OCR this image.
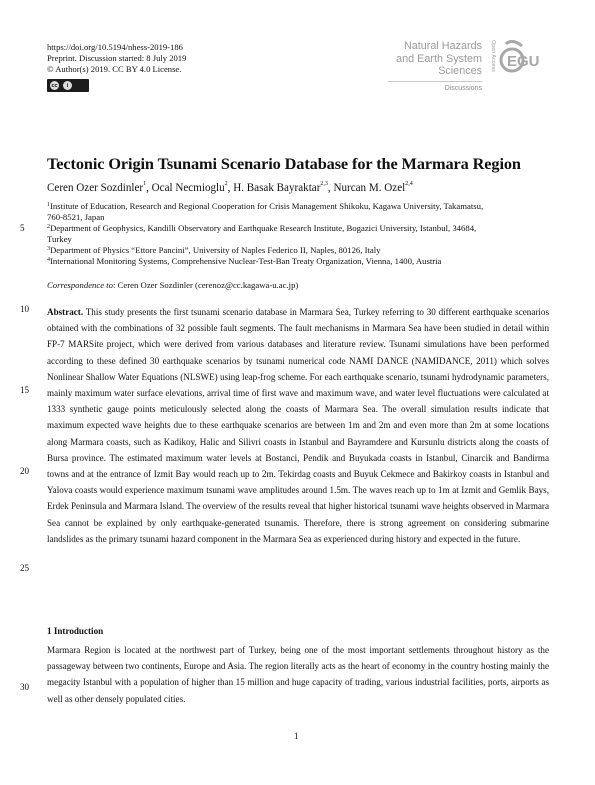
https://doi.org/10.5194/nhess-2019-186
Preprint. Discussion started: 8 July 2019
© Author(s) 2019. CC BY 4.0 License.
cc	i
Natural Hazards
and Earth System
Sciences
Discussions
Open Access EGU
Tectonic Origin Tsunami Scenario Database for the Marmara Region
Ceren Ozer Sozdinler$^1$, Ocal Necmioglu$^2$, H. Basak Bayraktar$^{2,3}$, Nurcan M. Ozel$^{2,4}$
$^1$Institute of Education, Research and Regional Cooperation for Crisis Management Shikoku, Kagawa University, Takamatsu,
760-8521, Japan
$^2$Department of Geophysics, Kandilli Observatory and Earthquake Research Institute, Bogazici University, Istanbul, 34684,
Turkey
$^3$Department of Physics “Ettore Pancini”, University of Naples Federico II, Naples, 80126, Italy
$^4$International Monitoring Systems, Comprehensive Nuclear-Test-Ban Treaty Organization, Vienna, 1400, Austria
Correspondence to: Ceren Ozer Sozdinler (cerenoz@cc.kagawa-u.ac.jp)
Abstract. This study presents the first tsunami scenario database in Marmara Sea, Turkey referring to 30 different earthquake scenarios obtained with the combinations of 32 possible fault segments. The fault mechanisms in Marmara Sea have been studied in detail within FP-7 MARSite project, which were derived from various databases and literature review. Tsunami simulations have been performed according to these defined 30 earthquake scenarios by tsunami numerical code NAMI DANCE (NAMIDANCE, 2011) which solves Nonlinear Shallow Water Equations (NLSWE) using leap-frog scheme. For each earthquake scenario, tsunami hydrodynamic parameters, mainly maximum water surface elevations, arrival time of first wave and maximum wave, and water level fluctuations were calculated at 1333 synthetic gauge points meticulously selected along the coasts of Marmara Sea. The overall simulation results indicate that maximum expected wave heights due to these earthquake scenarios are between 1m and 2m and even more than 2m at some locations along Marmara coasts, such as Kadikoy, Halic and Silivri coasts in Istanbul and Bayramdere and Kursunlu districts along the coasts of Bursa province. The estimated maximum water levels at Bostanci, Pendik and Buyukada coasts in Istanbul, Cinarcik and Bandirma towns and at the entrance of Izmit Bay would reach up to 2m. Tekirdag coasts and Buyuk Cekmece and Bakirkoy coasts in Istanbul and Yalova coasts would experience maximum tsunami wave amplitudes around 1.5m. The waves reach up to 1m at Izmit and Gemlik Bays, Erdek Peninsula and Marmara Island. The overview of the results reveal that higher historical tsunami wave heights observed in Marmara Sea cannot be explained by only earthquake-generated tsunamis. Therefore, there is strong agreement on considering submarine landslides as the primary tsunami hazard component in the Marmara Sea as experienced during history and expected in the future.
1 Introduction
Marmara Region is located at the northwest part of Turkey, being one of the most important settlements throughout history as the passageway between two continents, Europe and Asia. The region literally acts as the heart of economy in the country hosting mainly the megacity Istanbul with a population of higher than 15 million and huge capacity of trading, various industrial facilities, ports, airports as well as other densely populated cities.
5
10
15
20
25
30
1
